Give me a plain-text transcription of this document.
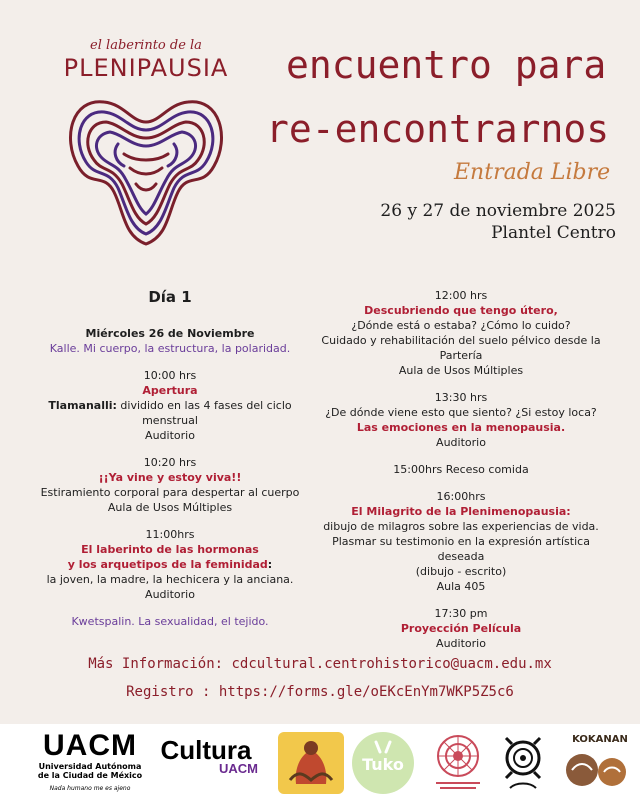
el laberinto de la
PLENIPAUSIA encuentro para
re-encontrarnos
Entrada Libre
26 y 27 de noviembre 2025
Plantel Centro
Día 1

Miércoles 26 de Noviembre

Kalle. Mi cuerpo, la estructura, la polaridad.

10:00 hrs

Apertura

Tlamanalli: dividido en las 4 fases del ciclo menstrual

Auditorio

10:20 hrs

¡¡Ya vine y estoy viva!!

Estiramiento corporal para despertar al cuerpo

Aula de Usos Múltiples

11:00hrs

El laberinto de las hormonas

y los arquetipos de la feminidad:

la joven, la madre, la hechicera y la anciana.

Auditorio

Kwetspalin. La sexualidad, el tejido.

12:00 hrs

Descubriendo que tengo útero,

¿Dónde está o estaba? ¿Cómo lo cuido?

Cuidado y rehabilitación del suelo pélvico desde la Partería

Aula de Usos Múltiples

13:30 hrs

¿De dónde viene esto que siento? ¿Si estoy loca?

Las emociones en la menopausia.

Auditorio

15:00hrs Receso comida

16:00hrs

El Milagrito de la Plenimenopausia:

dibujo de milagros sobre las experiencias de vida.

Plasmar su testimonio en la expresión artística deseada

(dibujo - escrito)

Aula 405

17:30 pm

Proyección Película

Auditorio

Más Información: cdcultural.centrohistorico@uacm.edu.mx
Registro : https://forms.gle/oEKcEnYm7WKP5Z5c6
UACM
Universidad Autónoma
de la Ciudad de México
Nada humano me es ajeno
Cultura
UACM	Tuko
KOKANAN
